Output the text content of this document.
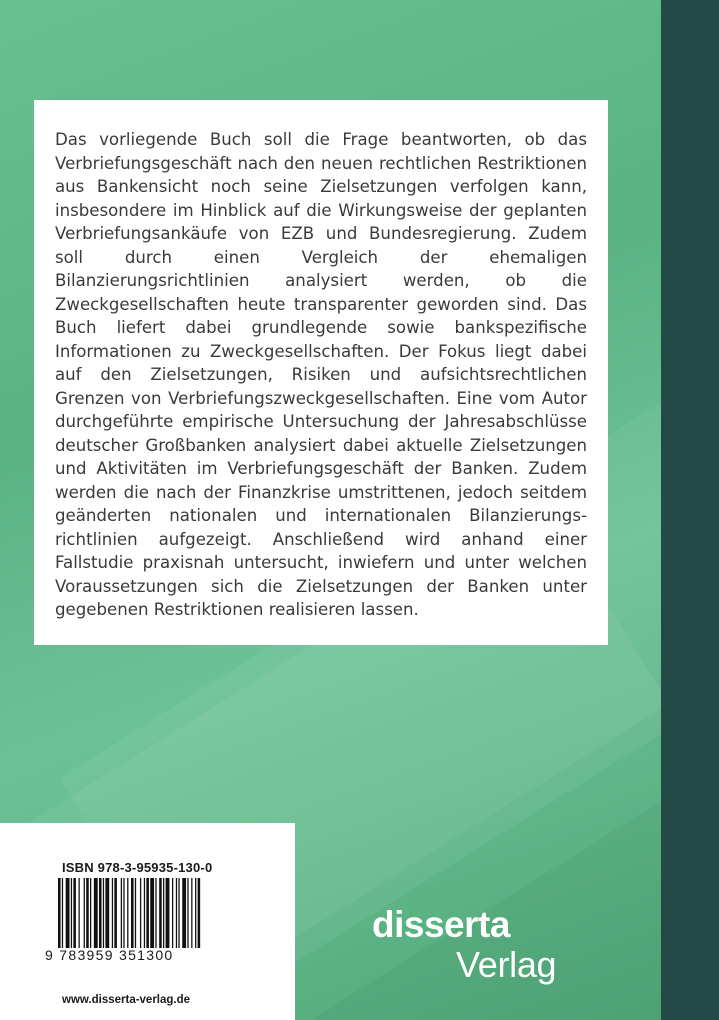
Das vorliegende Buch soll die Frage beantworten, ob das Verbriefungsgeschäft nach den neuen rechtlichen Restriktionen aus Bankensicht noch seine Zielsetzungen verfolgen kann, insbesondere im Hinblick auf die Wirkungsweise der geplanten Verbriefungsankäufe von EZB und Bundesregierung. Zudem soll durch einen Vergleich der ehemaligen Bilanzierungsrichtlinien analysiert werden, ob die Zweckgesellschaften heute transparenter geworden sind. Das Buch liefert dabei grundlegende sowie bankspezifische Informationen zu Zweckgesellschaften. Der Fokus liegt dabei auf den Zielsetzungen, Risiken und aufsichtsrechtlichen Grenzen von Verbriefungszweckgesellschaften. Eine vom Autor durchgeführte empirische Untersuchung der Jahresabschlüsse deutscher Großbanken analysiert dabei aktuelle Zielsetzungen und Aktivitäten im Verbriefungsgeschäft der Banken. Zudem werden die nach der Finanzkrise umstrittenen, jedoch seitdem geänderten nationalen und internationalen Bilanzierungsrichtlinien aufgezeigt. Anschließend wird anhand einer Fallstudie praxisnah untersucht, inwiefern und unter welchen Voraussetzungen sich die Zielsetzungen der Banken unter gegebenen Restriktionen realisieren lassen.

ISBN 978-3-95935-130-0
9 783959 351300
www.disserta-verlag.de
disserta
Verlag
